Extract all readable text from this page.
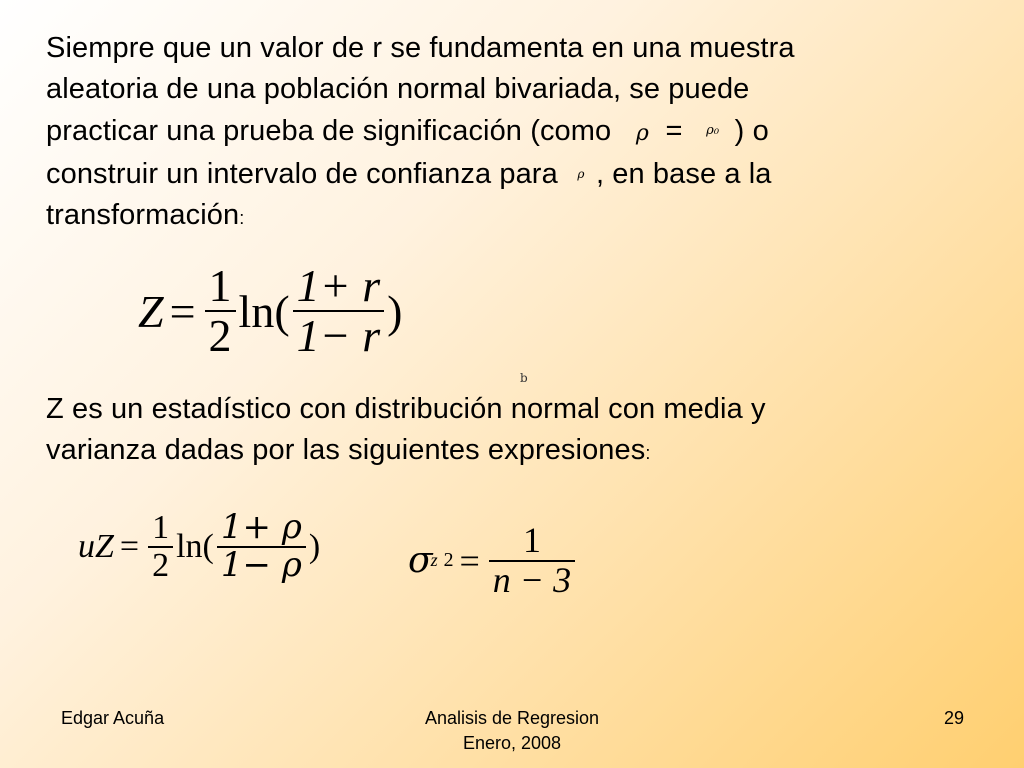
Siempre que un valor de r se fundamenta en una muestra
aleatoria de una población normal bivariada, se puede
practicar una prueba de significación (como ρ = ρ₀ ) o
construir un intervalo de confianza para ρ , en base a la
transformación:
$Z = \frac{1}{2} \ln( \frac{1+ r}{1- r}$ )
b
Z es un estadístico con distribución normal con media y
varianza dadas por las siguientes expresiones:
uZ = $\frac{1}{2} \ln( \frac{1+ \rho}{1- \rho}$ ) σ
z $2 = \frac{1}{n - 3}$
Edgar Acuña	Analisis de Regresion
Enero, 2008
29
